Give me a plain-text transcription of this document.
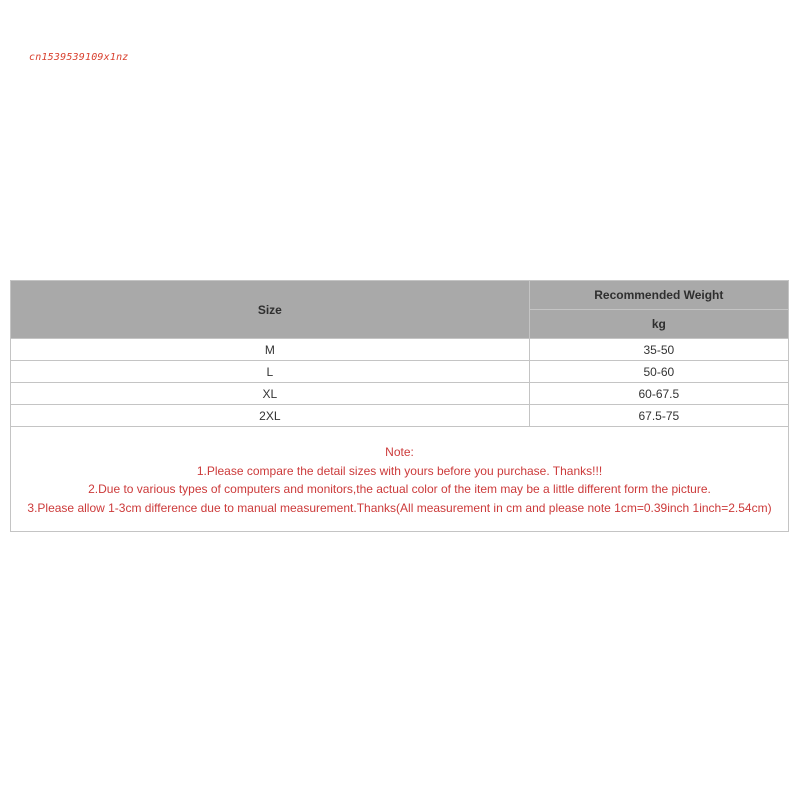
cn1539539109x1nz
Size	Recommended Weight
	kg
M	35-50
L	50-60
XL	60-67.5
2XL	67.5-75

Note:
1.Please compare the detail sizes with yours before you purchase. Thanks!!!
2.Due to various types of computers and monitors,the actual color of the item may be a little different form the picture.
3.Please allow 1-3cm difference due to manual measurement.Thanks(All measurement in cm and please note 1cm=0.39inch 1inch=2.54cm)	
